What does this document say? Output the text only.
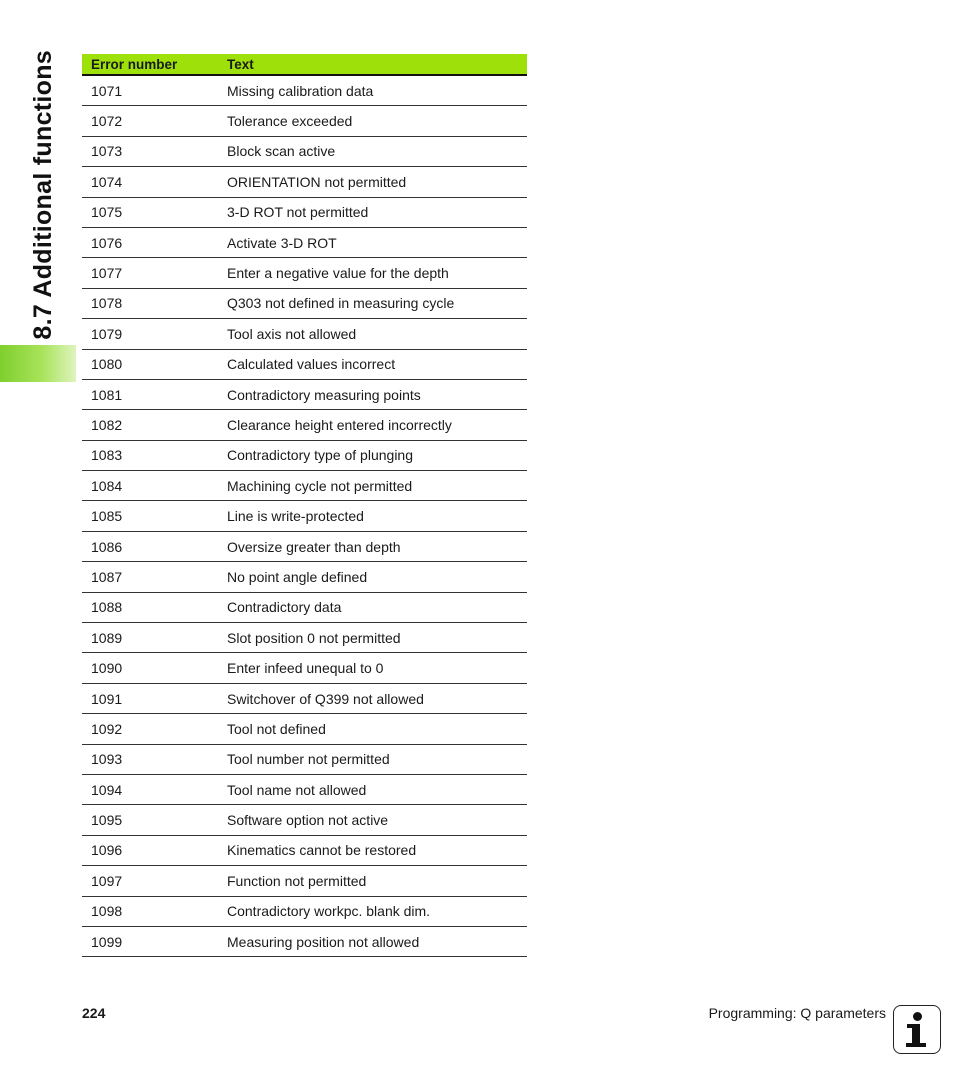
8.7 Additional functions	Error number	Text
1071	Missing calibration data
1072	Tolerance exceeded
1073	Block scan active
1074	ORIENTATION not permitted
1075	3-D ROT not permitted
1076	Activate 3-D ROT
1077	Enter a negative value for the depth
1078	Q303 not defined in measuring cycle
1079	Tool axis not allowed
1080	Calculated values incorrect
1081	Contradictory measuring points
1082	Clearance height entered incorrectly
1083	Contradictory type of plunging
1084	Machining cycle not permitted
1085	Line is write-protected
1086	Oversize greater than depth
1087	No point angle defined
1088	Contradictory data
1089	Slot position 0 not permitted
1090	Enter infeed unequal to 0
1091	Switchover of Q399 not allowed
1092	Tool not defined
1093	Tool number not permitted
1094	Tool name not allowed
1095	Software option not active
1096	Kinematics cannot be restored
1097	Function not permitted
1098	Contradictory workpc. blank dim.
1099	Measuring position not allowed
224	Programming: Q parameters
